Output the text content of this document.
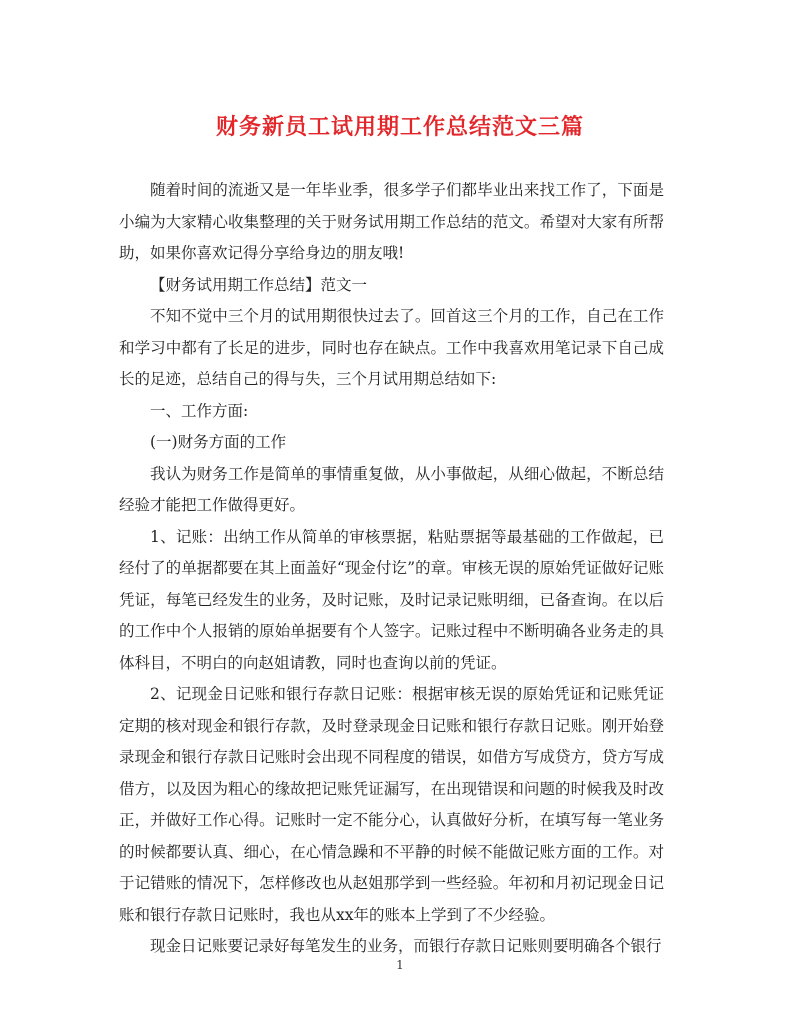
财务新员工试用期工作总结范文三篇

随着时间的流逝又是一年毕业季，很多学子们都毕业出来找工作了，下面是小编为大家精心收集整理的关于财务试用期工作总结的范文。希望对大家有所帮助，如果你喜欢记得分享给身边的朋友哦!

【财务试用期工作总结】范文一

不知不觉中三个月的试用期很快过去了。回首这三个月的工作，自己在工作和学习中都有了长足的进步，同时也存在缺点。工作中我喜欢用笔记录下自己成长的足迹，总结自己的得与失，三个月试用期总结如下:

一、工作方面:

(一)财务方面的工作

我认为财务工作是简单的事情重复做，从小事做起，从细心做起，不断总结经验才能把工作做得更好。

1、记账：出纳工作从简单的审核票据，粘贴票据等最基础的工作做起，已经付了的单据都要在其上面盖好“现金付讫”的章。审核无误的原始凭证做好记账凭证，每笔已经发生的业务，及时记账，及时记录记账明细，已备查询。在以后的工作中个人报销的原始单据要有个人签字。记账过程中不断明确各业务走的具体科目，不明白的向赵姐请教，同时也查询以前的凭证。

2、记现金日记账和银行存款日记账：根据审核无误的原始凭证和记账凭证定期的核对现金和银行存款，及时登录现金日记账和银行存款日记账。刚开始登录现金和银行存款日记账时会出现不同程度的错误，如借方写成贷方，贷方写成借方，以及因为粗心的缘故把记账凭证漏写，在出现错误和问题的时候我及时改正，并做好工作心得。记账时一定不能分心，认真做好分析，在填写每一笔业务的时候都要认真、细心，在心情急躁和不平静的时候不能做记账方面的工作。对于记错账的情况下，怎样修改也从赵姐那学到一些经验。年初和月初记现金日记账和银行存款日记账时，我也从xx年的账本上学到了不少经验。

现金日记账要记录好每笔发生的业务，而银行存款日记账则要明确各个银行

1
